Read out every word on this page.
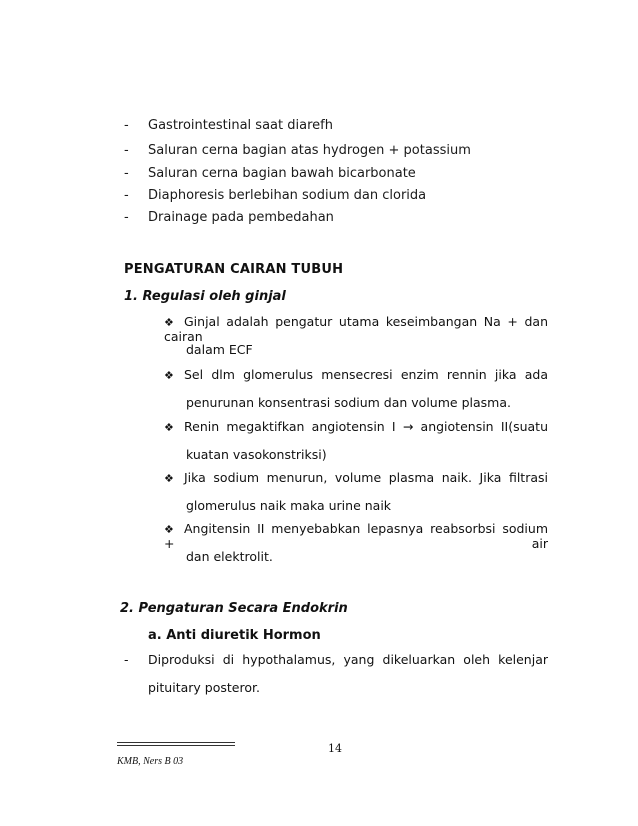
- Gastrointestinal saat diarefh
- Saluran cerna bagian atas hydrogen + potassium
- Saluran cerna bagian bawah bicarbonate
- Diaphoresis berlebihan sodium dan clorida
- Drainage pada pembedahan
PENGATURAN CAIRAN TUBUH
1. Regulasi oleh ginjal
❖ Ginjal adalah pengatur utama keseimbangan Na + dan cairan
dalam ECF
❖ Sel dlm glomerulus mensecresi enzim rennin jika ada
penurunan konsentrasi sodium dan volume plasma.
❖ Renin megaktifkan angiotensin I → angiotensin II(suatu
kuatan vasokonstriksi)
❖ Jika sodium menurun, volume plasma naik. Jika filtrasi
glomerulus naik maka urine naik
❖ Angitensin II menyebabkan lepasnya reabsorbsi sodium + air
dan elektrolit.
2. Pengaturan Secara Endokrin
a. Anti diuretik Hormon
- Diproduksi di hypothalamus, yang dikeluarkan oleh kelenjar
pituitary posteror.
14
KMB, Ners B 03
